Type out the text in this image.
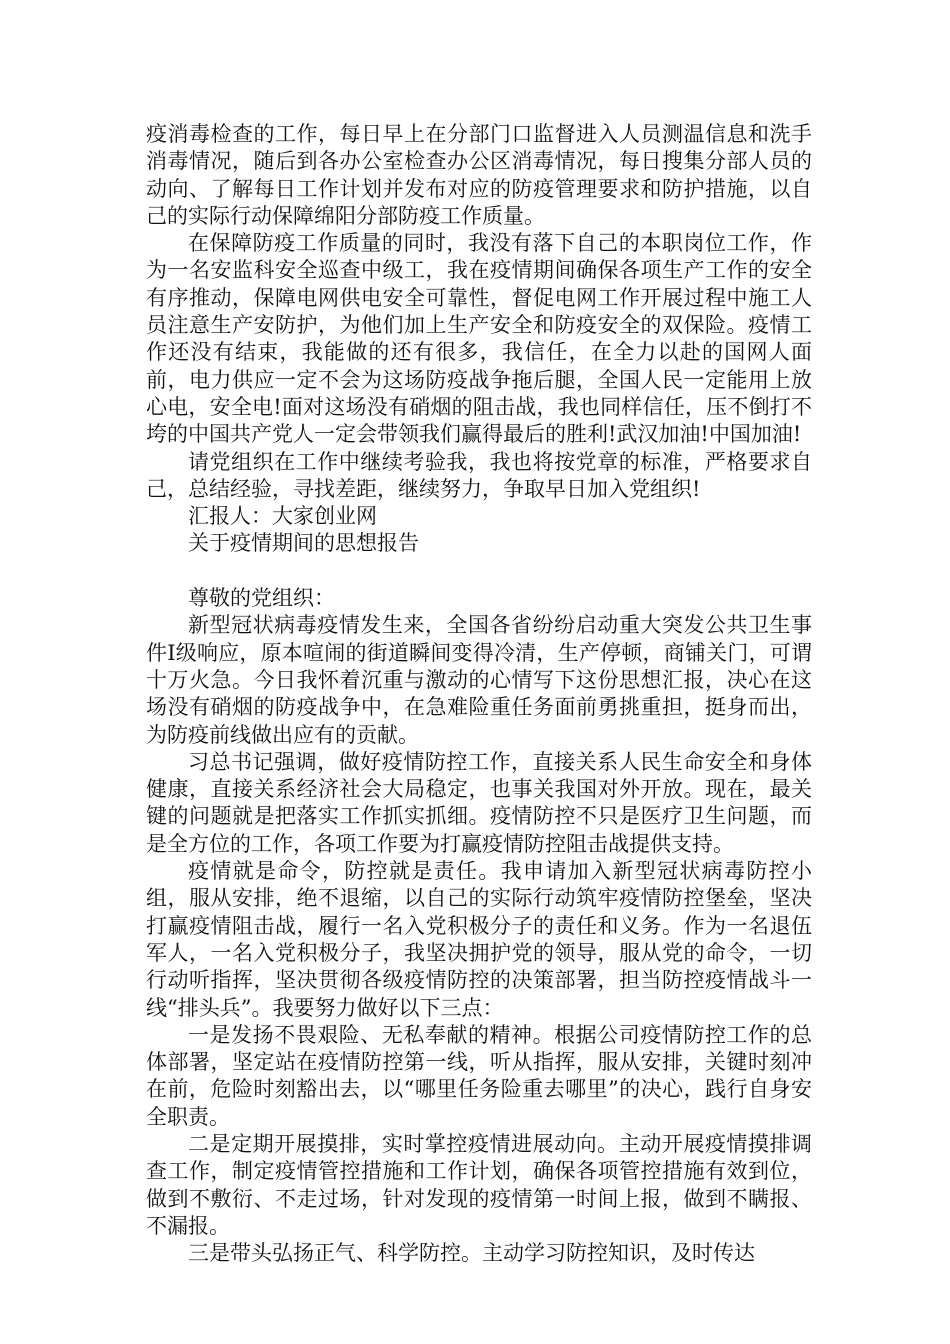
疫消毒检查的工作，每日早上在分部门口监督进入人员测温信息和洗手消毒情况，随后到各办公室检查办公区消毒情况，每日搜集分部人员的动向、了解每日工作计划并发布对应的防疫管理要求和防护措施，以自己的实际行动保障绵阳分部防疫工作质量。

在保障防疫工作质量的同时，我没有落下自己的本职岗位工作，作为一名安监科安全巡查中级工，我在疫情期间确保各项生产工作的安全有序推动，保障电网供电安全可靠性，督促电网工作开展过程中施工人员注意生产安防护，为他们加上生产安全和防疫安全的双保险。疫情工作还没有结束，我能做的还有很多，我信任，在全力以赴的国网人面前，电力供应一定不会为这场防疫战争拖后腿，全国人民一定能用上放心电，安全电!面对这场没有硝烟的阻击战，我也同样信任，压不倒打不垮的中国共产党人一定会带领我们赢得最后的胜利!武汉加油!中国加油!

请党组织在工作中继续考验我，我也将按党章的标准，严格要求自己，总结经验，寻找差距，继续努力，争取早日加入党组织!

汇报人：大家创业网

关于疫情期间的思想报告

尊敬的党组织：

新型冠状病毒疫情发生来，全国各省纷纷启动重大突发公共卫生事件Ⅰ级响应，原本喧闹的街道瞬间变得冷清，生产停顿，商铺关门，可谓十万火急。今日我怀着沉重与激动的心情写下这份思想汇报，决心在这场没有硝烟的防疫战争中，在急难险重任务面前勇挑重担，挺身而出，为防疫前线做出应有的贡献。

习总书记强调，做好疫情防控工作，直接关系人民生命安全和身体健康，直接关系经济社会大局稳定，也事关我国对外开放。现在，最关键的问题就是把落实工作抓实抓细。疫情防控不只是医疗卫生问题，而是全方位的工作，各项工作要为打赢疫情防控阻击战提供支持。

疫情就是命令，防控就是责任。我申请加入新型冠状病毒防控小组，服从安排，绝不退缩，以自己的实际行动筑牢疫情防控堡垒，坚决打赢疫情阻击战，履行一名入党积极分子的责任和义务。作为一名退伍军人，一名入党积极分子，我坚决拥护党的领导，服从党的命令，一切行动听指挥，坚决贯彻各级疫情防控的决策部署，担当防控疫情战斗一线“排头兵”。我要努力做好以下三点：

一是发扬不畏艰险、无私奉献的精神。根据公司疫情防控工作的总体部署，坚定站在疫情防控第一线，听从指挥，服从安排，关键时刻冲在前，危险时刻豁出去，以“哪里任务险重去哪里”的决心，践行自身安全职责。

二是定期开展摸排，实时掌控疫情进展动向。主动开展疫情摸排调查工作，制定疫情管控措施和工作计划，确保各项管控措施有效到位，做到不敷衍、不走过场，针对发现的疫情第一时间上报，做到不瞒报、不漏报。

三是带头弘扬正气、科学防控。主动学习防控知识，及时传达
